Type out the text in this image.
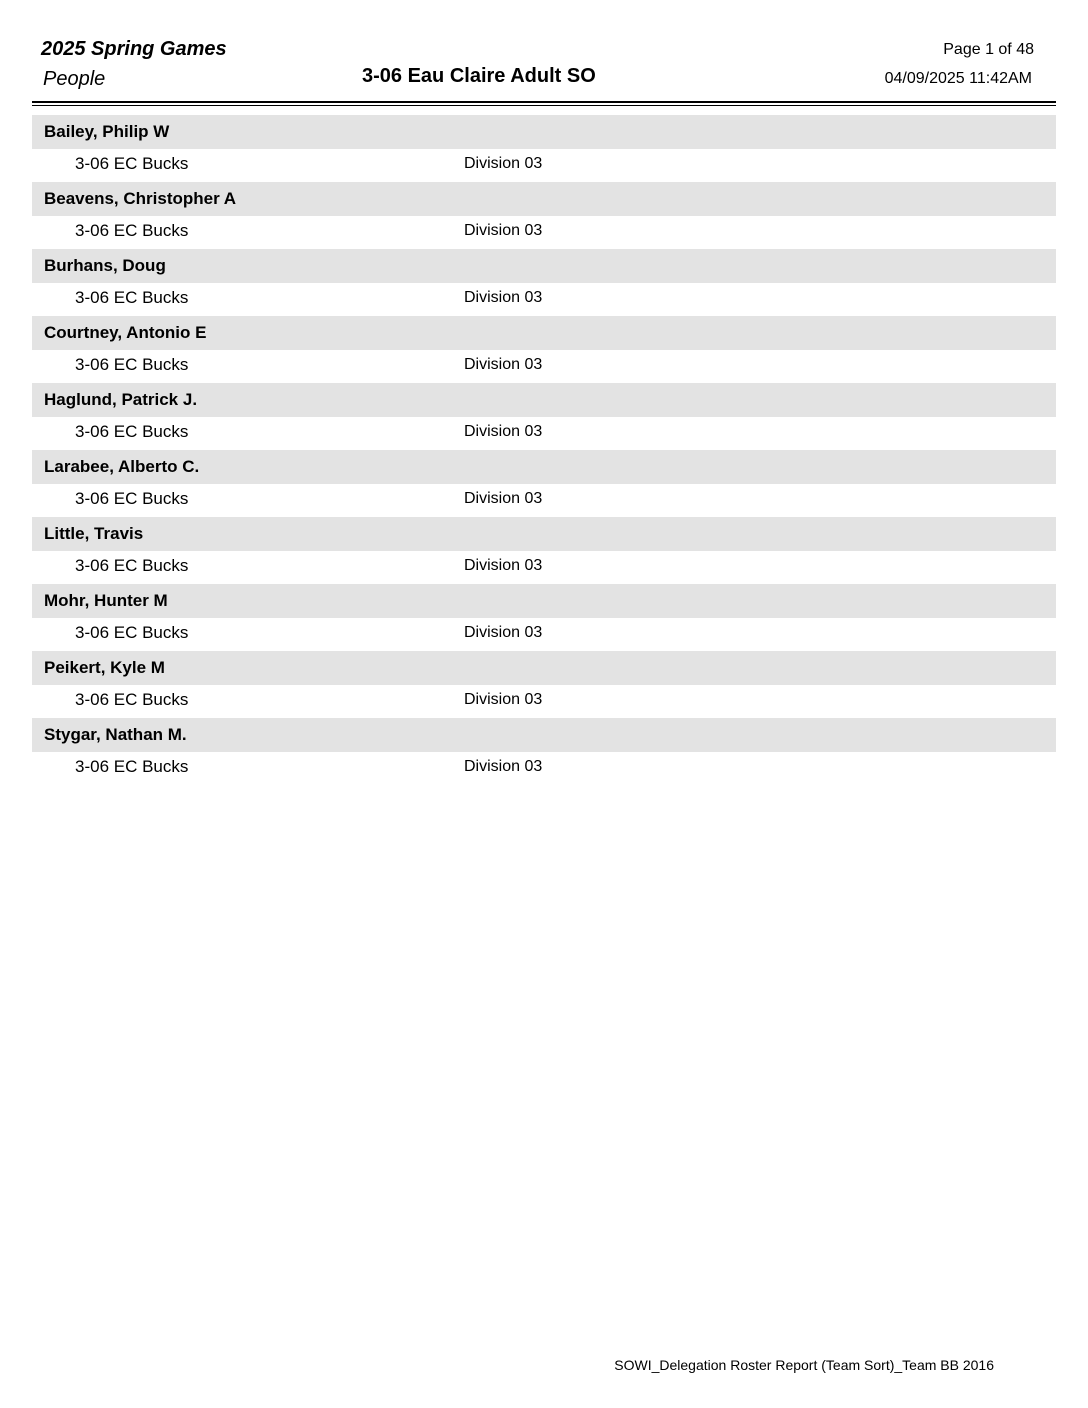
2025 Spring Games
People	3-06 Eau Claire Adult SO
Page 1 of 48
04/09/2025 11:42AM
Bailey, Philip W
3-06 EC Bucks	Division 03
Beavens, Christopher A
3-06 EC Bucks	Division 03
Burhans, Doug
3-06 EC Bucks	Division 03
Courtney, Antonio E
3-06 EC Bucks	Division 03
Haglund, Patrick J.
3-06 EC Bucks	Division 03
Larabee, Alberto C.
3-06 EC Bucks	Division 03
Little, Travis
3-06 EC Bucks	Division 03
Mohr, Hunter M
3-06 EC Bucks	Division 03
Peikert, Kyle M
3-06 EC Bucks	Division 03
Stygar, Nathan M.
3-06 EC Bucks	Division 03
SOWI_Delegation Roster Report (Team Sort)_Team BB 2016
